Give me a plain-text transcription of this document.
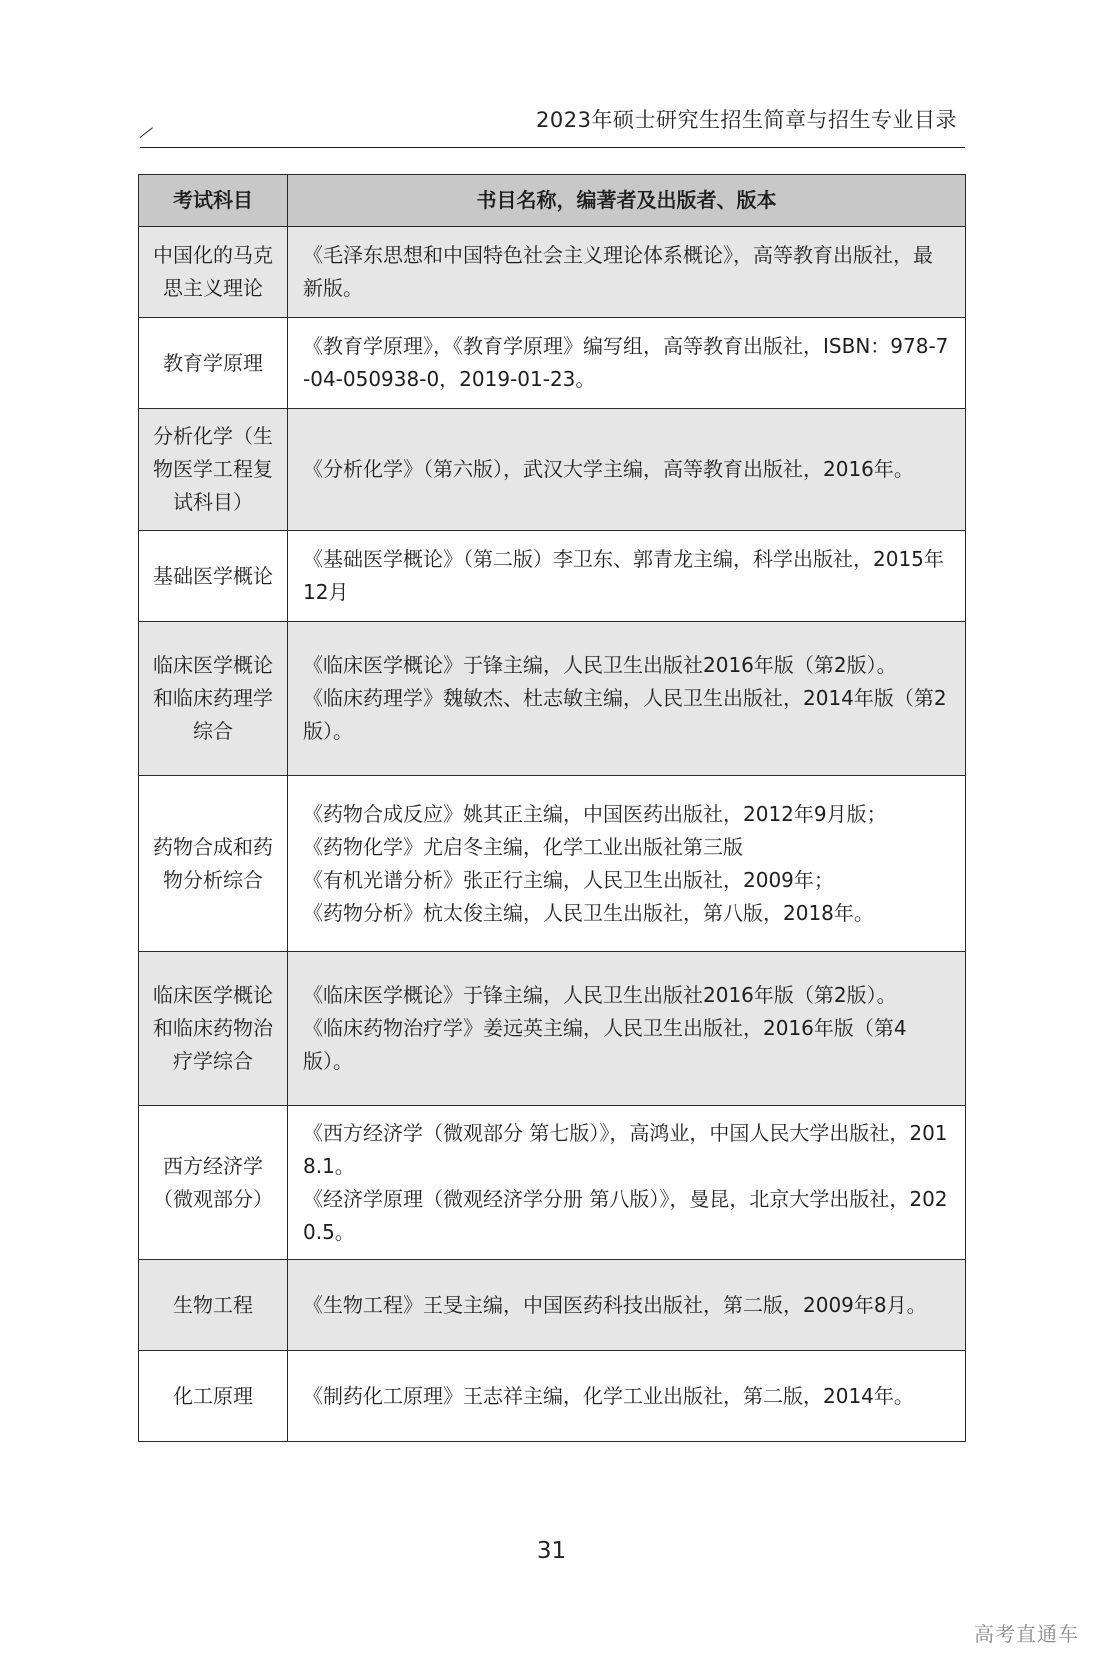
2023年硕士研究生招生简章与招生专业目录
考试科目	书目名称，编著者及出版者、版本
中国化的马克思主义理论	《毛泽东思想和中国特色社会主义理论体系概论》，高等教育出版社，最新版。

教育学原理	《教育学原理》，《教育学原理》编写组，高等教育出版社，ISBN：978-7-04-050938-0，2019-01-23。

分析化学（生物医学工程复试科目）	《分析化学》（第六版），武汉大学主编，高等教育出版社，2016年。

基础医学概论	《基础医学概论》（第二版）李卫东、郭青龙主编，科学出版社，2015年12月

临床医学概论和临床药理学综合	《临床医学概论》于锋主编，人民卫生出版社2016年版（第2版）。
《临床药理学》魏敏杰、杜志敏主编，人民卫生出版社，2014年版（第2版）。

药物合成和药物分析综合	《药物合成反应》姚其正主编，中国医药出版社，2012年9月版；
《药物化学》尤启冬主编，化学工业出版社第三版
《有机光谱分析》张正行主编，人民卫生出版社，2009年；
《药物分析》杭太俊主编，人民卫生出版社，第八版，2018年。

临床医学概论和临床药物治疗学综合	《临床医学概论》于锋主编，人民卫生出版社2016年版（第2版）。
《临床药物治疗学》姜远英主编，人民卫生出版社，2016年版（第4版）。

西方经济学（微观部分）	《西方经济学（微观部分 第七版）》，高鸿业，中国人民大学出版社，2018.1。
《经济学原理（微观经济学分册 第八版）》，曼昆，北京大学出版社，2020.5。

生物工程	《生物工程》王旻主编，中国医药科技出版社，第二版，2009年8月。

化工原理	《制药化工原理》王志祥主编，化学工业出版社，第二版，2014年。
31
高考直通车
